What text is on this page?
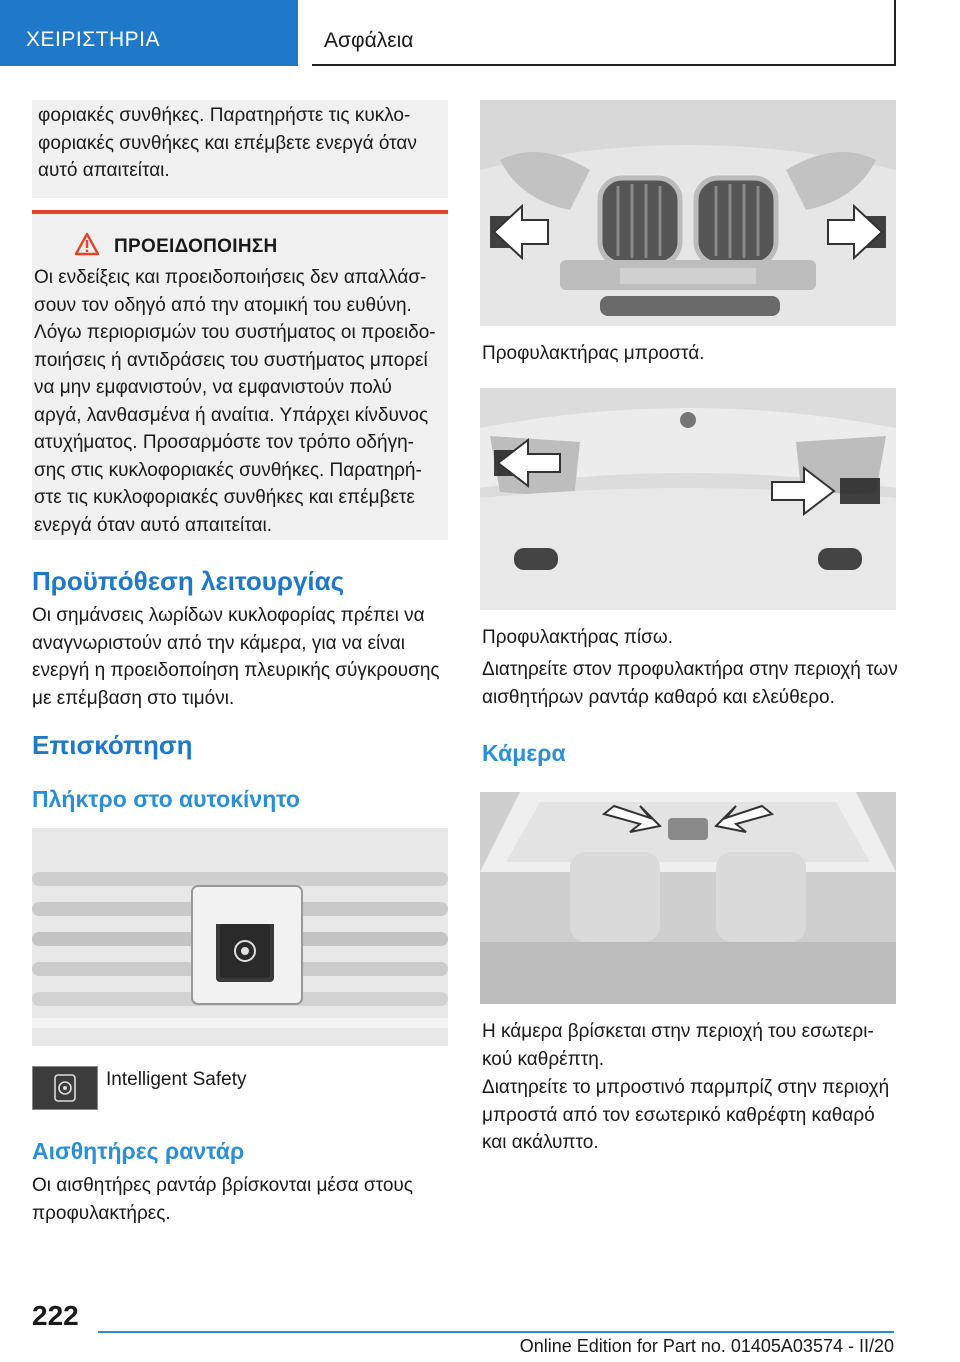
ΧΕΙΡΙΣΤΗΡΙΑ	Ασφάλεια

φοριακές συνθήκες. Παρατηρήστε τις κυκλο-φοριακές συνθήκες και επέμβετε ενεργά όταν αυτό απαιτείται.

ΠΡΟΕΙΔΟΠΟΙΗΣΗ

Οι ενδείξεις και προειδοποιήσεις δεν απαλλάσ-σουν τον οδηγό από την ατομική του ευθύνη. Λόγω περιορισμών του συστήματος οι προειδο-ποιήσεις ή αντιδράσεις του συστήματος μπορεί να μην εμφανιστούν, να εμφανιστούν πολύ αργά, λανθασμένα ή αναίτια. Υπάρχει κίνδυνος ατυχήματος. Προσαρμόστε τον τρόπο οδήγη-σης στις κυκλοφοριακές συνθήκες. Παρατηρή-στε τις κυκλοφοριακές συνθήκες και επέμβετε ενεργά όταν αυτό απαιτείται.

Προϋπόθεση λειτουργίας

Οι σημάνσεις λωρίδων κυκλοφορίας πρέπει να αναγνωριστούν από την κάμερα, για να είναι ενεργή η προειδοποίηση πλευρικής σύγκρουσης με επέμβαση στο τιμόνι.

Επισκόπηση
Πλήκτρο στο αυτοκίνητο
Intelligent Safety
Αισθητήρες ραντάρ

Οι αισθητήρες ραντάρ βρίσκονται μέσα στους προφυλακτήρες.

Προφυλακτήρας μπροστά.
Προφυλακτήρας πίσω.

Διατηρείτε στον προφυλακτήρα στην περιοχή των αισθητήρων ραντάρ καθαρό και ελεύθερο.

Κάμερα

Η κάμερα βρίσκεται στην περιοχή του εσωτερι-κού καθρέπτη.

Διατηρείτε το μπροστινό παρμπρίζ στην περιοχή μπροστά από τον εσωτερικό καθρέφτη καθαρό και ακάλυπτο.

222
Online Edition for Part no. 01405A03574 - II/20
